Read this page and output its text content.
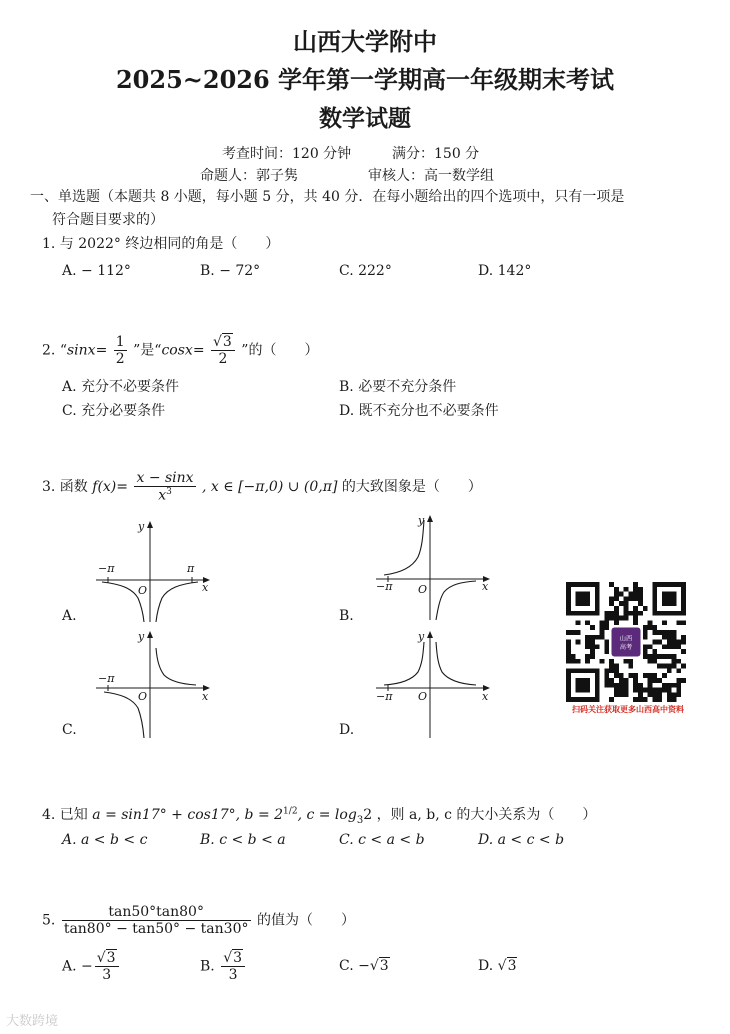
山西大学附中
2025~2026 学年第一学期高一年级期末考试
数学试题
考查时间：120 分钟	满分：150 分
命题人：郭子隽	审核人：高一数学组
一、单选题（本题共 8 小题，每小题 5 分，共 40 分．在每小题给出的四个选项中，只有一项是
符合题目要求的）
1. 与 2022° 终边相同的角是（　　）
A. − 112°	B. − 72°	C. 222°	D. 142°
2. “$\sin x= \frac{1}{2}$ ”是“$\cos x= \frac{√3}{2}$ ”的（　　）
A. 充分不必要条件	B. 必要不充分条件
C. 充分必要条件	D. 既不充分也不必要条件
3. 函数 $f(x)= \frac{x - \sin x}{x^3}$ , x ∈ [−π,0) ∪ (0,π] 的大致图象是（　　）
y
x
O
−π	π
A.
y
x
O
−π
B.
y
x
O
−π
C.
y
x
O
−π
D.
山西
高考
扫码关注获取更多山西高中资料
4. 已知 a = sin17° + cos17°, $b = 2^{1/2}$, $c = \log_32$ ，则 a, b, c 的大小关系为（　　）
A. a < b < c	B. c < b < a	C. c < a < b	D. a < c < b
5. $\frac{\tan 50^\circ\tan 80^\circ}{\tan 80^\circ - \tan 50^\circ - \tan 30^\circ}$ 的值为（　　）
A. − $\frac{√3}{3}$	B. $\frac{√3}{3}$	C. −√3	D. √3
大数跨境
